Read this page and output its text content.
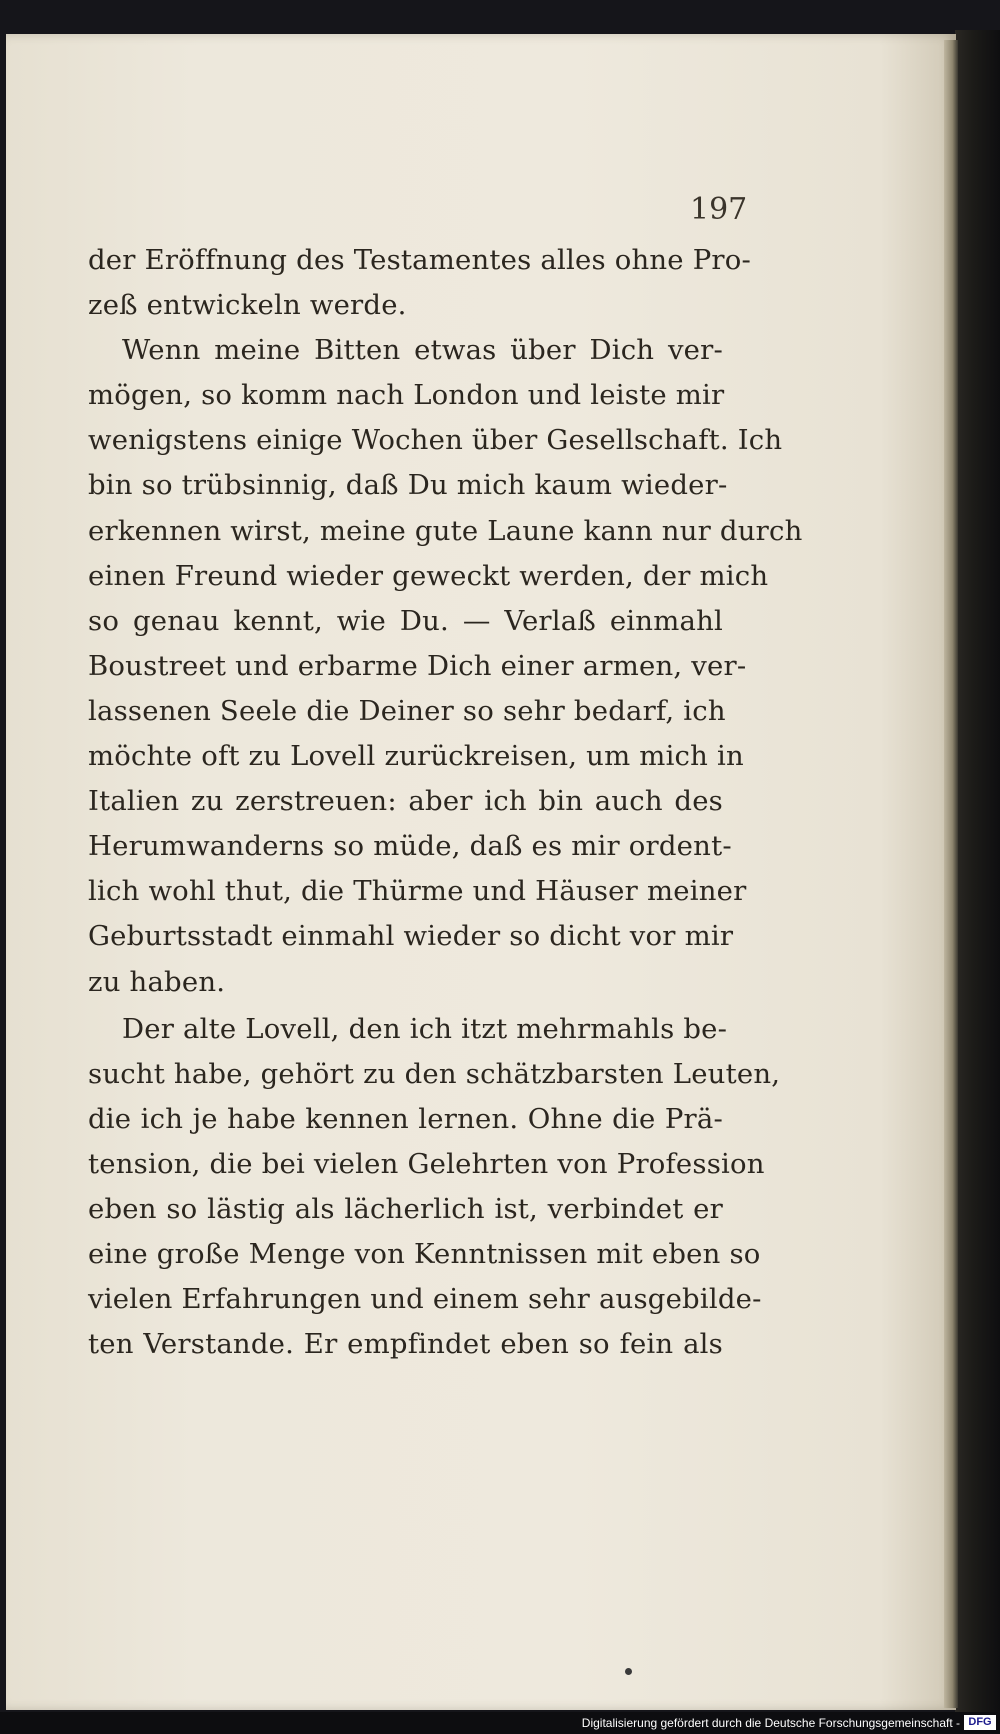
197
der Eröffnung des Testamentes alles ohne Pro-
zeß entwickeln werde.
Wenn meine Bitten etwas über Dich ver-
mögen, so komm nach London und leiste mir
wenigstens einige Wochen über Gesellschaft. Ich
bin so trübsinnig, daß Du mich kaum wieder-
erkennen wirst, meine gute Laune kann nur durch
einen Freund wieder geweckt werden, der mich
so genau kennt, wie Du. — Verlaß einmahl
Boustreet und erbarme Dich einer armen, ver-
lassenen Seele die Deiner so sehr bedarf, ich
möchte oft zu Lovell zurückreisen, um mich in
Italien zu zerstreuen: aber ich bin auch des
Herumwanderns so müde, daß es mir ordent-
lich wohl thut, die Thürme und Häuser meiner
Geburtsstadt einmahl wieder so dicht vor mir
zu haben.
Der alte Lovell, den ich itzt mehrmahls be-
sucht habe, gehört zu den schätzbarsten Leuten,
die ich je habe kennen lernen. Ohne die Prä-
tension, die bei vielen Gelehrten von Profession
eben so lästig als lächerlich ist, verbindet er
eine große Menge von Kenntnissen mit eben so
vielen Erfahrungen und einem sehr ausgebilde-
ten Verstande. Er empfindet eben so fein als
Digitalisierung gefördert durch die Deutsche Forschungsgemeinschaft - DFG
